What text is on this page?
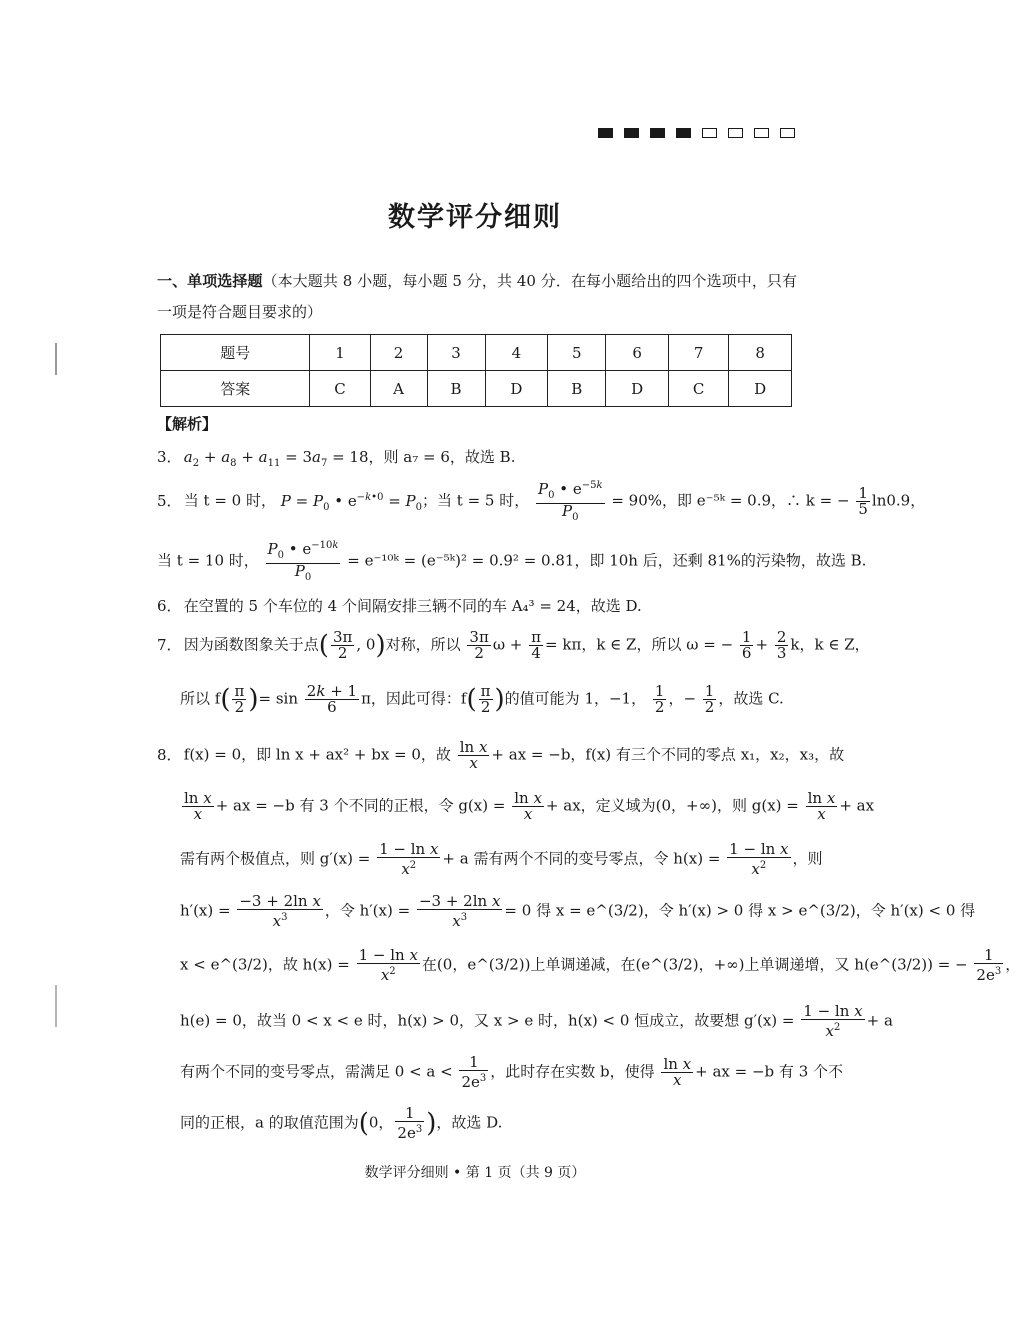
数学评分细则

一、单项选择题（本大题共 8 小题，每小题 5 分，共 40 分．在每小题给出的四个选项中，只有一项是符合题目要求的）

题号	1	2	3	4	5	6	7	8
答案	C	A	B	D	B	D	C	D
【解析】
3． $a_2 + a_8 + a_{11} = 3a_7 = 18$，则 a₇ = 6，故选 B.
5． 当 t = 0 时， $P = P_0$ • $e^{-k•0} = P_0$；当 t = 5 时， $\frac{P_0 • e^{-5k}}{P_0} = 90\%$，即 e⁻⁵ᵏ = 0.9，∴ k = − $\frac{1}{5} \ln 0.9$，
当 t = 10 时， $\frac{P_0 • e^{-10k}}{P_0}$ = e⁻¹⁰ᵏ = (e⁻⁵ᵏ)² = 0.9² = 0.81，即 10h 后，还剩 81%的污染物，故选 B.
6． 在空置的 5 个车位的 4 个间隔安排三辆不同的车 A₄³ = 24，故选 D.
7． 因为函数图象关于点( $\frac{3\pi}{2}$ , 0)对称，所以 $\frac{3\pi}{2}$ $\omega + \frac{\pi}{4} = k\pi$，k ∈ Z，所以 ω = − $\frac{1}{6} + \frac{2}{3}$ k，k ∈ Z，
所以 $f( \frac{\pi}{2}$ )= $\sin \frac{2k + 1}{6}$ π，因此可得：$f( \frac{\pi}{2}$ )的值可能为 1，−1， $\frac{1}{2}$ ，− $\frac{1}{2}$ ，故选 C.
8． f(x) = 0，即 ln x + ax² + bx = 0，故 $\frac{\text{ln x}}{x}$ + ax = −b，f(x) 有三个不同的零点 x₁，x₂，x₃，故
$\frac{\text{ln x}}{x}$ + ax = −b 有 3 个不同的正根，令 $g(x) = \frac{\text{ln x}}{x}$ + ax，定义域为(0，+∞)，则 $g(x) = \frac{\text{ln x}}{x}$ + ax
需有两个极值点，则 $g'(x) = \frac{\text{1 − ln x}}{x^2} + a$ 需有两个不同的变号零点，令 $h(x) = \frac{\text{1 − ln x}}{x^2}$ ，则
$h'(x) = \frac{\text{−3 + 2ln x}}{x^3}$ ，令 $h'(x) = \frac{\text{−3 + 2ln x}}{x^3} = 0$ 得 x = e^(3/2)，令 h′(x) > 0 得 x > e^(3/2)，令 h′(x) < 0 得
x < e^(3/2)，故 $h(x) = \frac{\text{1 − ln x}}{x^2}$ 在(0，e^(3/2))上单调递减，在(e^(3/2)，+∞)上单调递增，又 h(e^(3/2)) = − $\frac{1}{2e^3}$ ，
h(e) = 0，故当 0 < x < e 时，h(x) > 0，又 x > e 时，h(x) < 0 恒成立，故要想 $g'(x) = \frac{\text{1 − ln x}}{x^2} + a$
有两个不同的变号零点，需满足 $0 < a < \frac{1}{2e^3}$ ，此时存在实数 b，使得 $\frac{\text{ln x}}{x}$ + ax = −b 有 3 个不
同的正根，a 的取值范围为(0， $\frac{1}{2e^3}$ )，故选 D.
数学评分细则 • 第 1 页（共 9 页）
